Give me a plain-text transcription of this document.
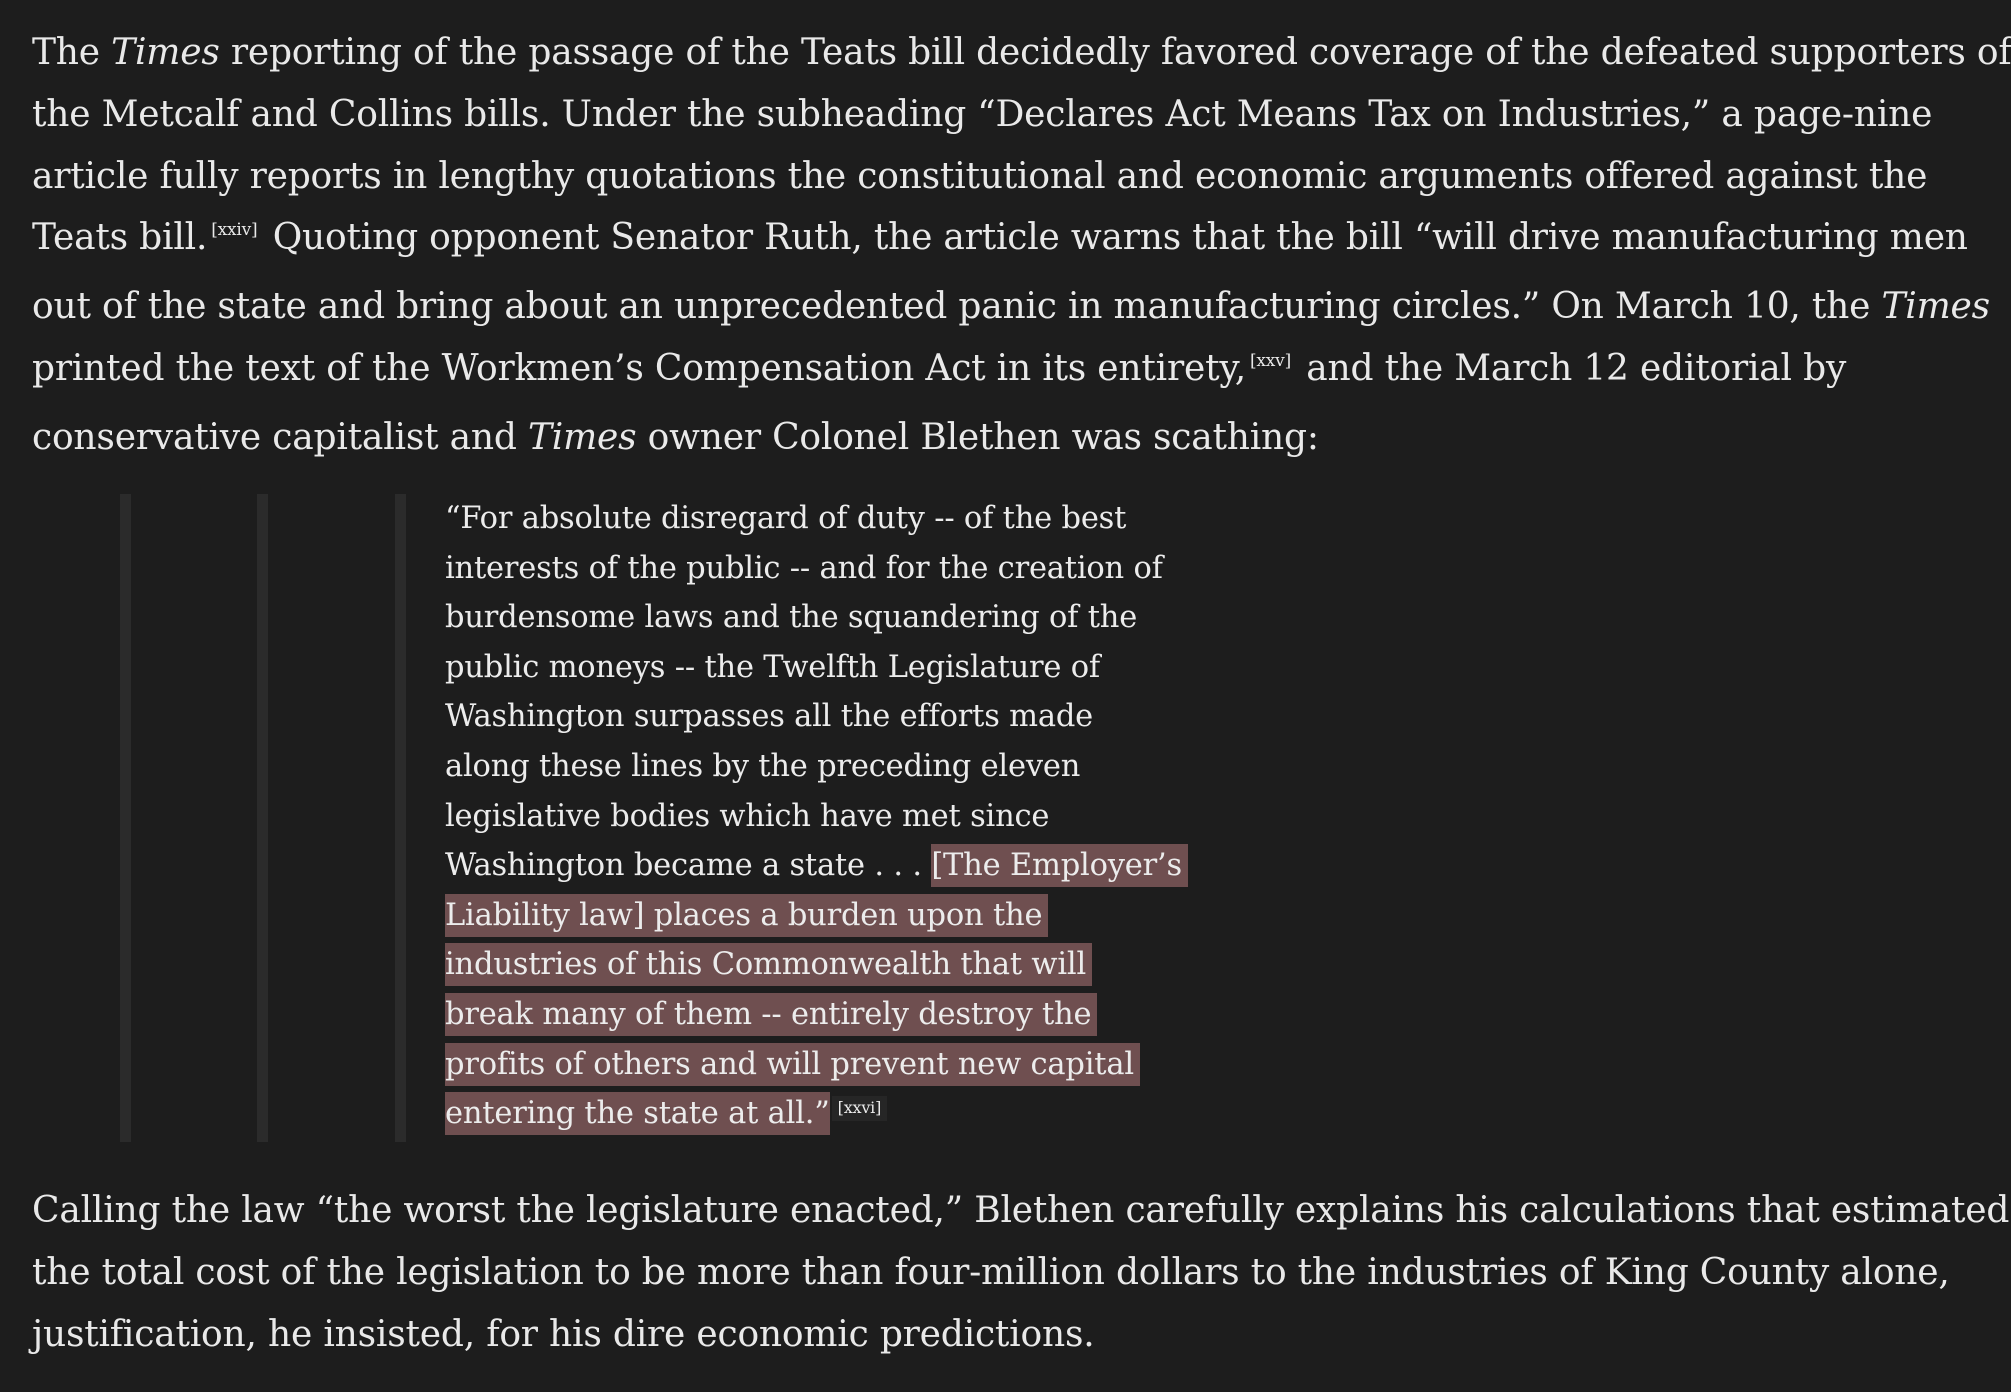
The Times reporting of the passage of the Teats bill decidedly favored coverage of the defeated supporters of
the Metcalf and Collins bills. Under the subheading “Declares Act Means Tax on Industries,” a page-nine
article fully reports in lengthy quotations the constitutional and economic arguments offered against the
Teats bill. [xxiv] Quoting opponent Senator Ruth, the article warns that the bill “will drive manufacturing men
out of the state and bring about an unprecedented panic in manufacturing circles.” On March 10, the Times
printed the text of the Workmen’s Compensation Act in its entirety, [xxv] and the March 12 editorial by
conservative capitalist and Times owner Colonel Blethen was scathing:

“For absolute disregard of duty -- of the best
interests of the public -- and for the creation of
burdensome laws and the squandering of the
public moneys -- the Twelfth Legislature of
Washington surpasses all the efforts made
along these lines by the preceding eleven
legislative bodies which have met since
Washington became a state . . . [The Employer’s
Liability law] places a burden upon the
industries of this Commonwealth that will
break many of them -- entirely destroy the
profits of others and will prevent new capital
entering the state at all.” [xxvi]

Calling the law “the worst the legislature enacted,” Blethen carefully explains his calculations that estimated
the total cost of the legislation to be more than four-million dollars to the industries of King County alone,
justification, he insisted, for his dire economic predictions.
